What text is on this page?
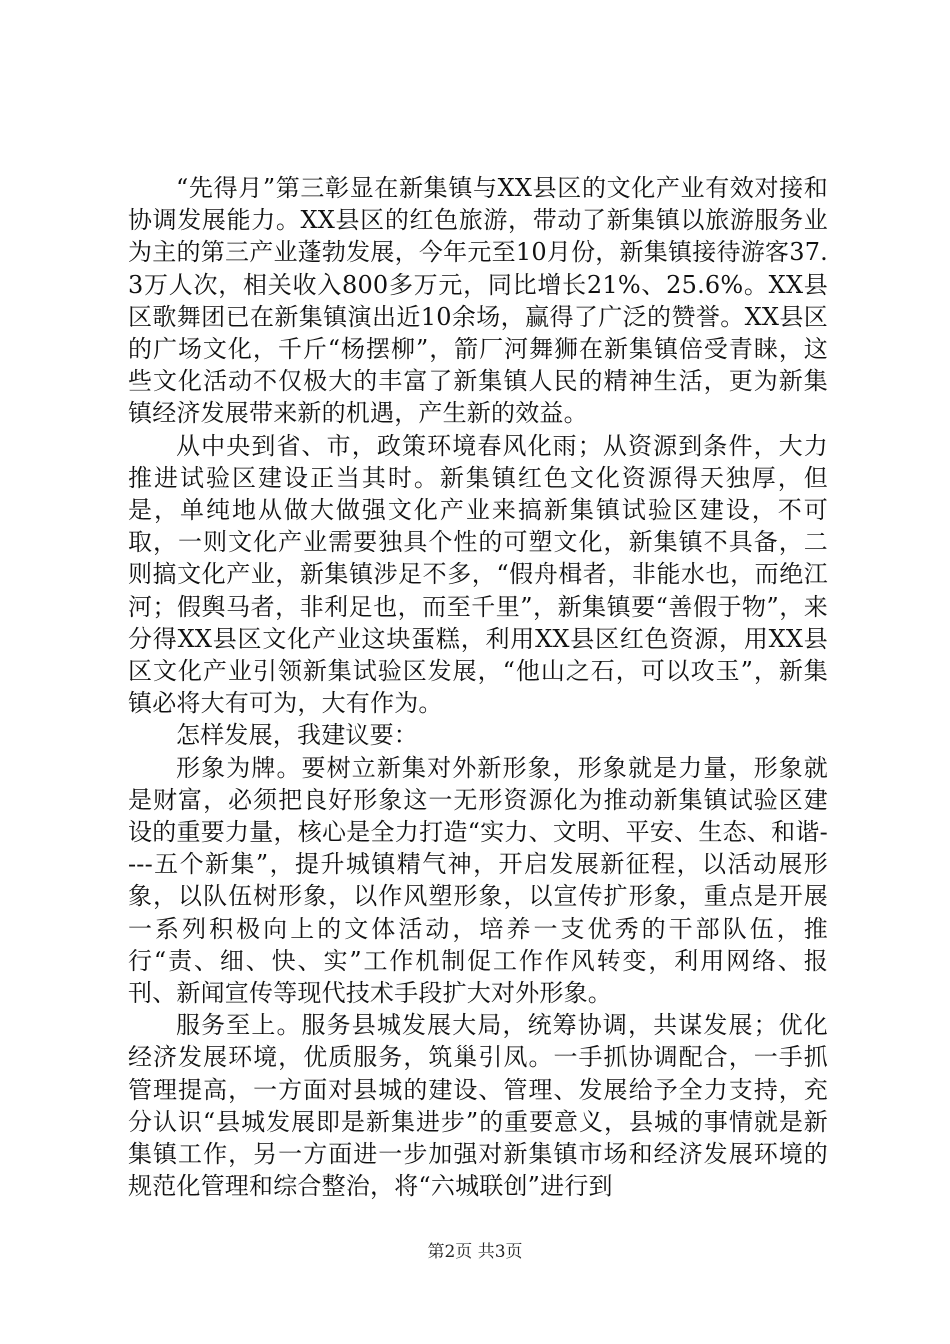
“先得月”第三彰显在新集镇与XX县区的文化产业有效对接和协调发展能力。XX县区的红色旅游，带动了新集镇以旅游服务业为主的第三产业蓬勃发展，今年元至10月份，新集镇接待游客37.3万人次，相关收入800多万元，同比增长21%、25.6%。XX县区歌舞团已在新集镇演出近10余场，赢得了广泛的赞誉。XX县区的广场文化，千斤“杨摆柳”，箭厂河舞狮在新集镇倍受青睐，这些文化活动不仅极大的丰富了新集镇人民的精神生活，更为新集镇经济发展带来新的机遇，产生新的效益。

从中央到省、市，政策环境春风化雨；从资源到条件，大力推进试验区建设正当其时。新集镇红色文化资源得天独厚，但是，单纯地从做大做强文化产业来搞新集镇试验区建设，不可取，一则文化产业需要独具个性的可塑文化，新集镇不具备，二则搞文化产业，新集镇涉足不多，“假舟楫者，非能水也，而绝江河；假舆马者，非利足也，而至千里”，新集镇要“善假于物”，来分得XX县区文化产业这块蛋糕，利用XX县区红色资源，用XX县区文化产业引领新集试验区发展，“他山之石，可以攻玉”，新集镇必将大有可为，大有作为。

怎样发展，我建议要：

形象为牌。要树立新集对外新形象，形象就是力量，形象就是财富，必须把良好形象这一无形资源化为推动新集镇试验区建设的重要力量，核心是全力打造“实力、文明、平安、生态、和谐----五个新集”，提升城镇精气神，开启发展新征程，以活动展形象，以队伍树形象，以作风塑形象，以宣传扩形象，重点是开展一系列积极向上的文体活动，培养一支优秀的干部队伍，推行“责、细、快、实”工作机制促工作作风转变，利用网络、报刊、新闻宣传等现代技术手段扩大对外形象。

服务至上。服务县城发展大局，统筹协调，共谋发展；优化经济发展环境，优质服务，筑巢引凤。一手抓协调配合，一手抓管理提高，一方面对县城的建设、管理、发展给予全力支持，充分认识“县城发展即是新集进步”的重要意义，县城的事情就是新集镇工作，另一方面进一步加强对新集镇市场和经济发展环境的规范化管理和综合整治，将“六城联创”进行到

第2页 共3页
